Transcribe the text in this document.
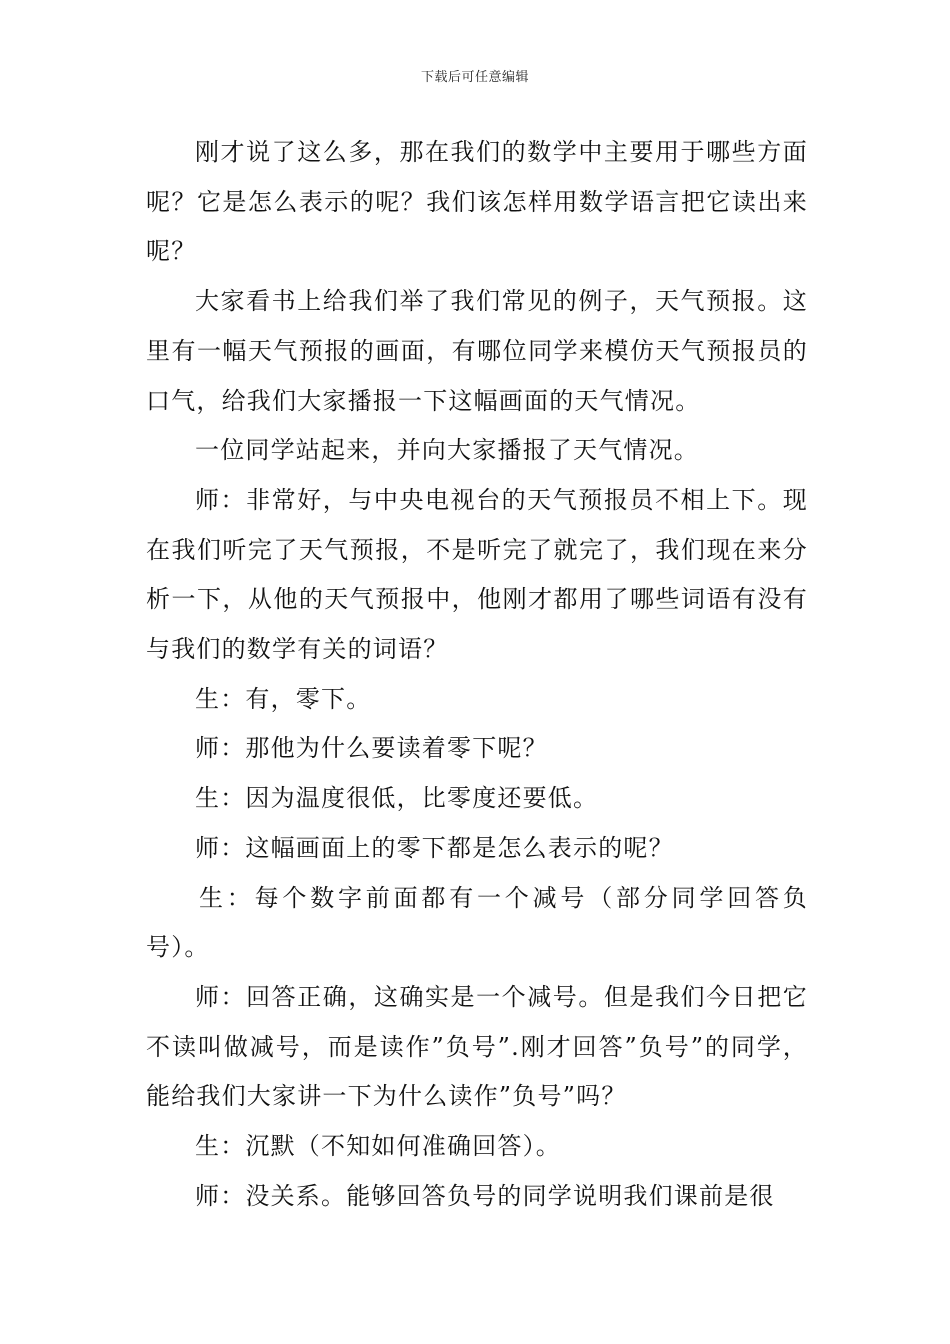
下载后可任意编辑

刚才说了这么多，那在我们的数学中主要用于哪些方面呢？它是怎么表示的呢？我们该怎样用数学语言把它读出来呢？

大家看书上给我们举了我们常见的例子，天气预报。这里有一幅天气预报的画面，有哪位同学来模仿天气预报员的口气，给我们大家播报一下这幅画面的天气情况。

一位同学站起来，并向大家播报了天气情况。

师：非常好，与中央电视台的天气预报员不相上下。现在我们听完了天气预报，不是听完了就完了，我们现在来分析一下，从他的天气预报中，他刚才都用了哪些词语有没有与我们的数学有关的词语？

生：有，零下。

师：那他为什么要读着零下呢？

生：因为温度很低，比零度还要低。

师：这幅画面上的零下都是怎么表示的呢？

生：每个数字前面都有一个减号（部分同学回答负号）。

师：回答正确，这确实是一个减号。但是我们今日把它不读叫做减号，而是读作”负号”.刚才回答”负号”的同学，能给我们大家讲一下为什么读作”负号”吗？

生：沉默（不知如何准确回答）。

师：没关系。能够回答负号的同学说明我们课前是很
